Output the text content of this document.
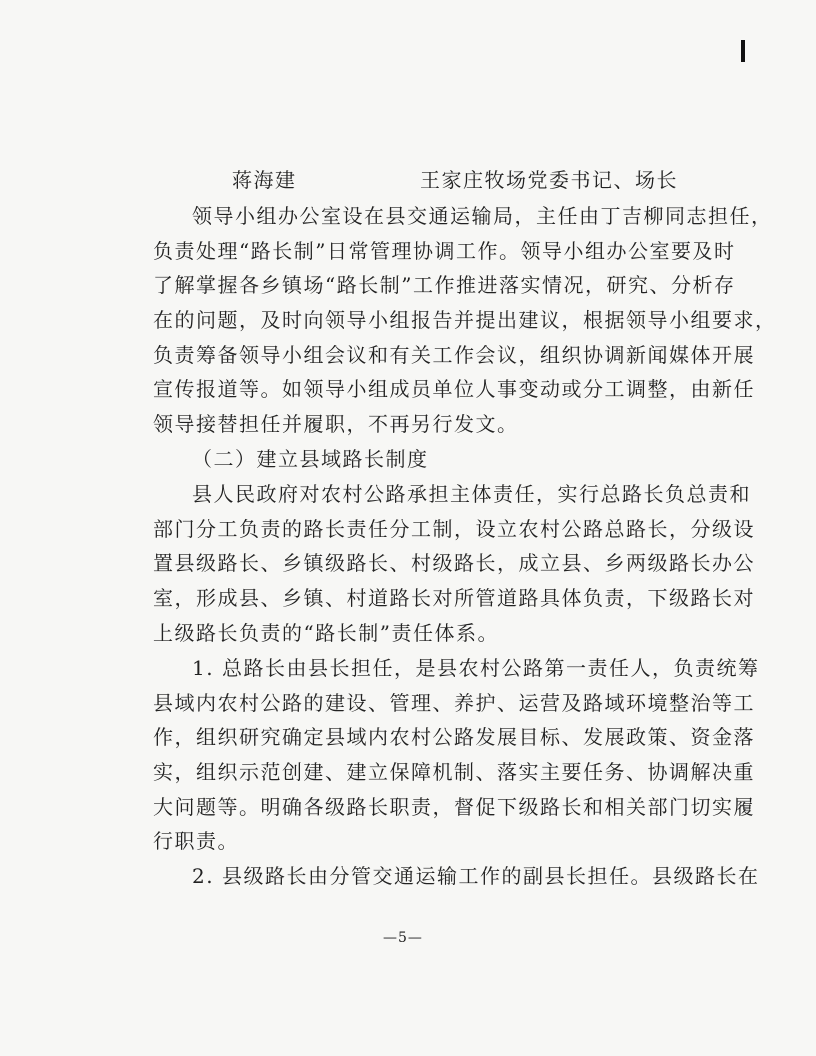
蒋海建	王家庄牧场党委书记、场长
领导小组办公室设在县交通运输局，主任由丁吉柳同志担任，
负责处理“路长制”日常管理协调工作。领导小组办公室要及时
了解掌握各乡镇场“路长制”工作推进落实情况，研究、分析存
在的问题，及时向领导小组报告并提出建议，根据领导小组要求，
负责筹备领导小组会议和有关工作会议，组织协调新闻媒体开展
宣传报道等。如领导小组成员单位人事变动或分工调整，由新任
领导接替担任并履职，不再另行发文。
（二）建立县域路长制度
县人民政府对农村公路承担主体责任，实行总路长负总责和
部门分工负责的路长责任分工制，设立农村公路总路长，分级设
置县级路长、乡镇级路长、村级路长，成立县、乡两级路长办公
室，形成县、乡镇、村道路长对所管道路具体负责，下级路长对
上级路长负责的“路长制”责任体系。
1. 总路长由县长担任，是县农村公路第一责任人，负责统筹
县域内农村公路的建设、管理、养护、运营及路域环境整治等工
作，组织研究确定县域内农村公路发展目标、发展政策、资金落
实，组织示范创建、建立保障机制、落实主要任务、协调解决重
大问题等。明确各级路长职责，督促下级路长和相关部门切实履
行职责。
2. 县级路长由分管交通运输工作的副县长担任。县级路长在
—5—
